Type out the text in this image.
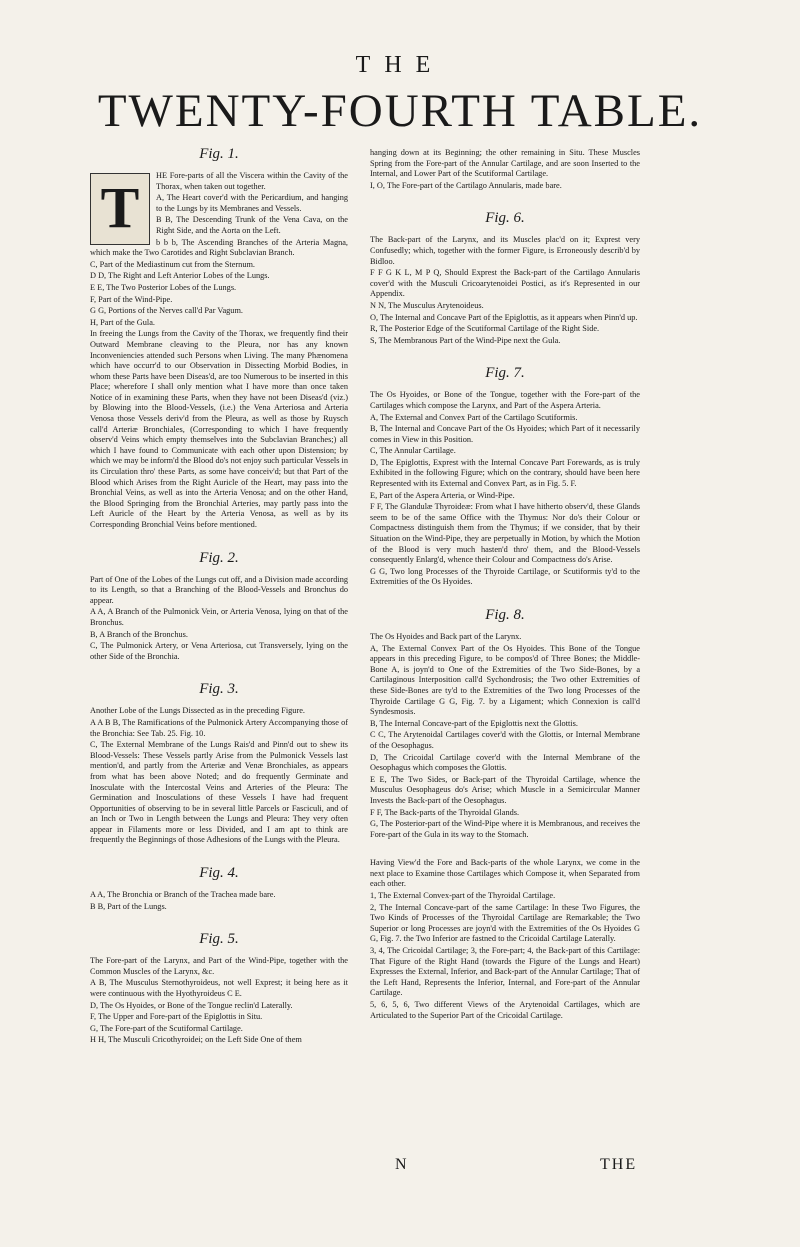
THE
TWENTY-FOURTH TABLE.
Fig. 1.
T	HE Fore-parts of all the Viscera within the Cavity of the Thorax, when taken out together.

A, The Heart cover'd with the Pericardium, and hanging to the Lungs by its Membranes and Vessels.

B B, The Descending Trunk of the Vena Cava, on the Right Side, and the Aorta on the Left.

b b b, The Ascending Branches of the Arteria Magna, which make the Two Carotides and Right Subclavian Branch.

C, Part of the Mediastinum cut from the Sternum.

D D, The Right and Left Anterior Lobes of the Lungs.

E E, The Two Posterior Lobes of the Lungs.

F, Part of the Wind-Pipe.

G G, Portions of the Nerves call'd Par Vagum.

H, Part of the Gula.

In freeing the Lungs from the Cavity of the Thorax, we frequently find their Outward Membrane cleaving to the Pleura, nor has any known Inconveniencies attended such Persons when Living. The many Phænomena which have occurr'd to our Observation in Dissecting Morbid Bodies, in whom these Parts have been Diseas'd, are too Numerous to be inserted in this Place; wherefore I shall only mention what I have more than once taken Notice of in examining these Parts, when they have not been Diseas'd (viz.) by Blowing into the Blood-Vessels, (i.e.) the Vena Arteriosa and Arteria Venosa those Vessels deriv'd from the Pleura, as well as those by Ruysch call'd Arteriæ Bronchiales, (Corresponding to which I have frequently observ'd Veins which empty themselves into the Subclavian Branches;) all which I have found to Communicate with each other upon Distension; by which we may be inform'd the Blood do's not enjoy such particular Vessels in its Circulation thro' these Parts, as some have conceiv'd; but that Part of the Blood which Arises from the Right Auricle of the Heart, may pass into the Bronchial Veins, as well as into the Arteria Venosa; and on the other Hand, the Blood Springing from the Bronchial Arteries, may partly pass into the Left Auricle of the Heart by the Arteria Venosa, as well as by its Corresponding Bronchial Veins before mentioned.

Fig. 2.

Part of One of the Lobes of the Lungs cut off, and a Division made according to its Length, so that a Branching of the Blood-Vessels and Bronchus do appear.

A A, A Branch of the Pulmonick Vein, or Arteria Venosa, lying on that of the Bronchus.

B, A Branch of the Bronchus.

C, The Pulmonick Artery, or Vena Arteriosa, cut Transversely, lying on the other Side of the Bronchia.

Fig. 3.

Another Lobe of the Lungs Dissected as in the preceding Figure.

A A B B, The Ramifications of the Pulmonick Artery Accompanying those of the Bronchia: See Tab. 25. Fig. 10.

C, The External Membrane of the Lungs Rais'd and Pinn'd out to shew its Blood-Vessels: These Vessels partly Arise from the Pulmonick Vessels last mention'd, and partly from the Arteriæ and Venæ Bronchiales, as appears from what has been above Noted; and do frequently Germinate and Inosculate with the Intercostal Veins and Arteries of the Pleura: The Germination and Inosculations of these Vessels I have had frequent Opportunities of observing to be in several little Parcels or Fasciculi, and of an Inch or Two in Length between the Lungs and Pleura: They very often appear in Filaments more or less Divided, and I am apt to think are frequently the Beginnings of those Adhesions of the Lungs with the Pleura.

Fig. 4.

A A, The Bronchia or Branch of the Trachea made bare.

B B, Part of the Lungs.

Fig. 5.

The Fore-part of the Larynx, and Part of the Wind-Pipe, together with the Common Muscles of the Larynx, &c.

A B, The Musculus Sternothyroideus, not well Exprest; it being here as it were continuous with the Hyothyroideus C E.

D, The Os Hyoides, or Bone of the Tongue reclin'd Laterally.

F, The Upper and Fore-part of the Epiglottis in Situ.

G, The Fore-part of the Scutiformal Cartilage.

H H, The Musculi Cricothyroidei; on the Left Side One of them

hanging down at its Beginning; the other remaining in Situ. These Muscles Spring from the Fore-part of the Annular Cartilage, and are soon Inserted to the Internal, and Lower Part of the Scutiformal Cartilage.

I, O, The Fore-part of the Cartilago Annularis, made bare.

Fig. 6.

The Back-part of the Larynx, and its Muscles plac'd on it; Exprest very Confusedly; which, together with the former Figure, is Erroneously describ'd by Bidloo.

F F G K L, M P Q, Should Exprest the Back-part of the Cartilago Annularis cover'd with the Musculi Cricoarytenoidei Postici, as it's Represented in our Appendix.

N N, The Musculus Arytenoideus.

O, The Internal and Concave Part of the Epiglottis, as it appears when Pinn'd up.

R, The Posterior Edge of the Scutiformal Cartilage of the Right Side.

S, The Membranous Part of the Wind-Pipe next the Gula.

Fig. 7.

The Os Hyoides, or Bone of the Tongue, together with the Fore-part of the Cartilages which compose the Larynx, and Part of the Aspera Arteria.

A, The External and Convex Part of the Cartilago Scutiformis.

B, The Internal and Concave Part of the Os Hyoides; which Part of it necessarily comes in View in this Position.

C, The Annular Cartilage.

D, The Epiglottis, Exprest with the Internal Concave Part Forewards, as is truly Exhibited in the following Figure; which on the contrary, should have been here Represented with its External and Convex Part, as in Fig. 5. F.

E, Part of the Aspera Arteria, or Wind-Pipe.

F F, The Glandulæ Thyroideæ: From what I have hitherto observ'd, these Glands seem to be of the same Office with the Thymus: Nor do's their Colour or Compactness distinguish them from the Thymus; if we consider, that by their Situation on the Wind-Pipe, they are perpetually in Motion, by which the Motion of the Blood is very much hasten'd thro' them, and the Blood-Vessels consequently Enlarg'd, whence their Colour and Compactness do's Arise.

G G, Two long Processes of the Thyroide Cartilage, or Scutiformis ty'd to the Extremities of the Os Hyoides.

Fig. 8.

The Os Hyoides and Back part of the Larynx.

A, The External Convex Part of the Os Hyoides. This Bone of the Tongue appears in this preceding Figure, to be compos'd of Three Bones; the Middle-Bone A, is joyn'd to One of the Extremities of the Two Side-Bones, by a Cartilaginous Interposition call'd Sychondrosis; the Two other Extremities of these Side-Bones are ty'd to the Extremities of the Two long Processes of the Thyroide Cartilage G G, Fig. 7. by a Ligament; which Connexion is call'd Syndesmosis.

B, The Internal Concave-part of the Epiglottis next the Glottis.

C C, The Arytenoidal Cartilages cover'd with the Glottis, or Internal Membrane of the Oesophagus.

D, The Cricoidal Cartilage cover'd with the Internal Membrane of the Oesophagus which composes the Glottis.

E E, The Two Sides, or Back-part of the Thyroidal Cartilage, whence the Musculus Oesophageus do's Arise; which Muscle in a Semicircular Manner Invests the Back-part of the Oesophagus.

F F, The Back-parts of the Thyroidal Glands.

G, The Posterior-part of the Wind-Pipe where it is Membranous, and receives the Fore-part of the Gula in its way to the Stomach.

Having View'd the Fore and Back-parts of the whole Larynx, we come in the next place to Examine those Cartilages which Compose it, when Separated from each other.

1, The External Convex-part of the Thyroidal Cartilage.

2, The Internal Concave-part of the same Cartilage: In these Two Figures, the Two Kinds of Processes of the Thyroidal Cartilage are Remarkable; the Two Superior or long Processes are joyn'd with the Extremities of the Os Hyoides G G, Fig. 7. the Two Inferior are fastned to the Cricoidal Cartilage Laterally.

3, 4, The Cricoidal Cartilage; 3, the Fore-part; 4, the Back-part of this Cartilage: That Figure of the Right Hand (towards the Figure of the Lungs and Heart) Expresses the External, Inferior, and Back-part of the Annular Cartilage; That of the Left Hand, Represents the Inferior, Internal, and Fore-part of the Annular Cartilage.

5, 6, 5, 6, Two different Views of the Arytenoidal Cartilages, which are Articulated to the Superior Part of the Cricoidal Cartilage.

N	THE
